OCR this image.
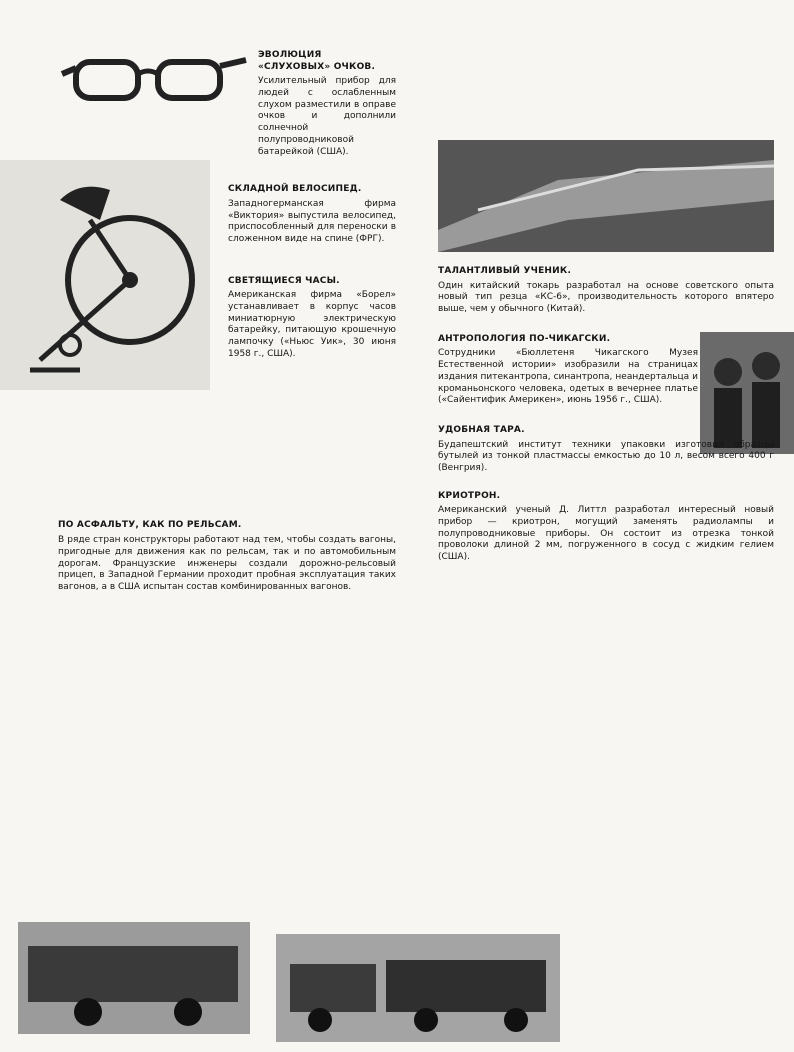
ЭВОЛЮЦИЯ «СЛУХОВЫХ» ОЧКОВ.

Усилительный прибор для людей с ослабленным слухом разместили в оправе очков и дополнили солнечной полупроводниковой батарейкой (США).

СКЛАДНОЙ ВЕЛОСИПЕД.

Западногерманская фирма «Виктория» выпустила велосипед, приспособленный для переноски в сложенном виде на спине (ФРГ).

СВЕТЯЩИЕСЯ ЧАСЫ.

Американская фирма «Борел» устанавливает в корпус часов миниатюрную электрическую батарейку, питающую крошечную лампочку («Ньюс Уик», 30 июня 1958 г., США).

ПО АСФАЛЬТУ, КАК ПО РЕЛЬСАМ.

В ряде стран конструкторы работают над тем, чтобы создать вагоны, пригодные для движения как по рельсам, так и по автомобильным дорогам. Французские инженеры создали дорожно-рельсовый прицеп, в Западной Германии проходит пробная эксплуатация таких вагонов, а в США испытан состав комбинированных вагонов.

ТАЛАНТЛИВЫЙ УЧЕНИК.

Один китайский токарь разработал на основе советского опыта новый тип резца «КС-6», производительность которого впятеро выше, чем у обычного (Китай).

АНТРОПОЛОГИЯ ПО-ЧИКАГСКИ.

Сотрудники «Бюллетеня Чикагского Музея Естественной истории» изобразили на страницах издания питекантропа, синантропа, неандертальца и кроманьонского человека, одетых в вечернее платье («Сайентифик Америкен», июнь 1956 г., США).

УДОБНАЯ ТАРА.

Будапештский институт техники упаковки изготовил образцы бутылей из тонкой пластмассы емкостью до 10 л, весом всего 400 г (Венгрия).

КРИОТРОН.

Американский ученый Д. Литтл разработал интересный новый прибор — криотрон, могущий заменять радиолампы и полупроводниковые приборы. Он состоит из отрезка тонкой проволоки длиной 2 мм, погруженного в сосуд с жидким гелием (США).
